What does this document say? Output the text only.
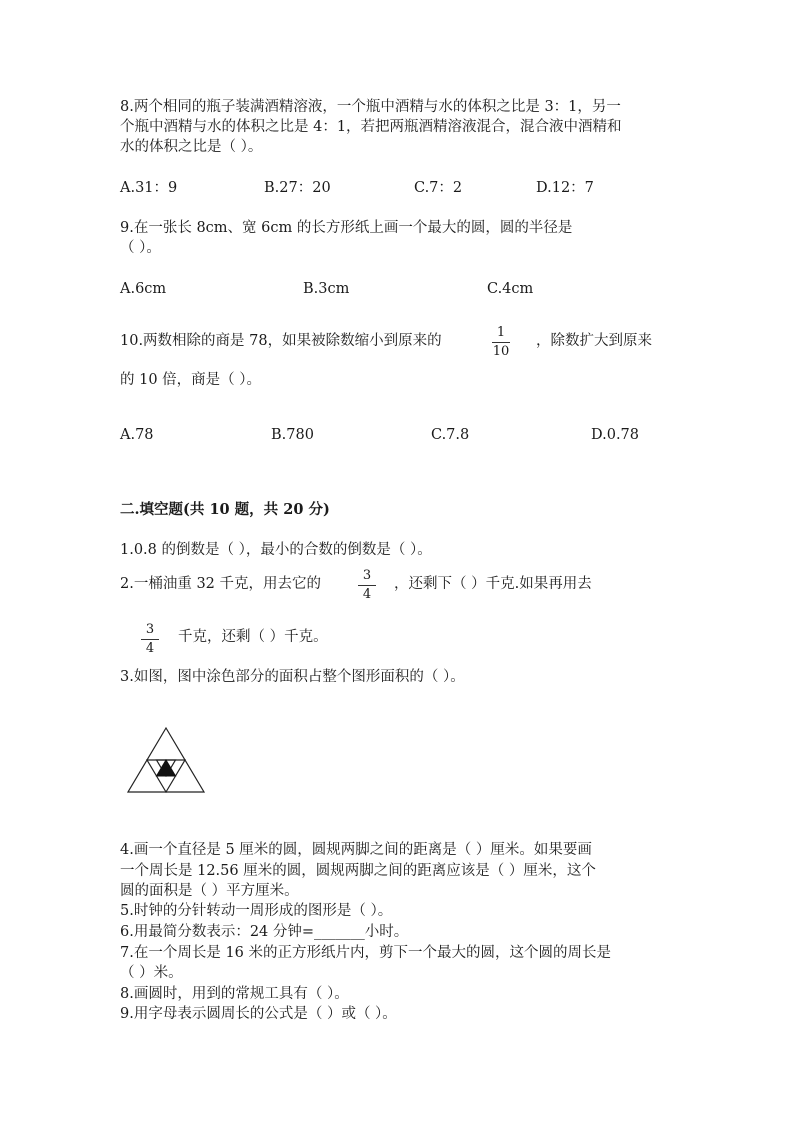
8.两个相同的瓶子装满酒精溶液，一个瓶中酒精与水的体积之比是 3：1，另一
个瓶中酒精与水的体积之比是 4：1，若把两瓶酒精溶液混合，混合液中酒精和
水的体积之比是（ ）。
A.31：9	B.27：20	C.7：2	D.12：7
9.在一张长 8cm、宽 6cm 的长方形纸上画一个最大的圆，圆的半径是
（ ）。
A.6cm	B.3cm	C.4cm
10.两数相除的商是 78，如果被除数缩小到原来的
1
10
，除数扩大到原来
的 10 倍，商是（ ）。
A.78	B.780	C.7.8	D.0.78
二.填空题(共 10 题，共 20 分)
1.0.8 的倒数是（ ），最小的合数的倒数是（ ）。
2.一桶油重 32 千克，用去它的
3
4
，还剩下（ ）千克.如果再用去
3
4
千克，还剩（ ）千克。
3.如图，图中涂色部分的面积占整个图形面积的（ ）。
4.画一个直径是 5 厘米的圆，圆规两脚之间的距离是（ ）厘米。如果要画
一个周长是 12.56 厘米的圆，圆规两脚之间的距离应该是（ ）厘米，这个
圆的面积是（ ）平方厘米。
5.时钟的分针转动一周形成的图形是（ ）。
6.用最简分数表示：24 分钟=_______小时。
7.在一个周长是 16 米的正方形纸片内，剪下一个最大的圆，这个圆的周长是
（ ）米。
8.画圆时，用到的常规工具有（ ）。
9.用字母表示圆周长的公式是（ ）或（ ）。
